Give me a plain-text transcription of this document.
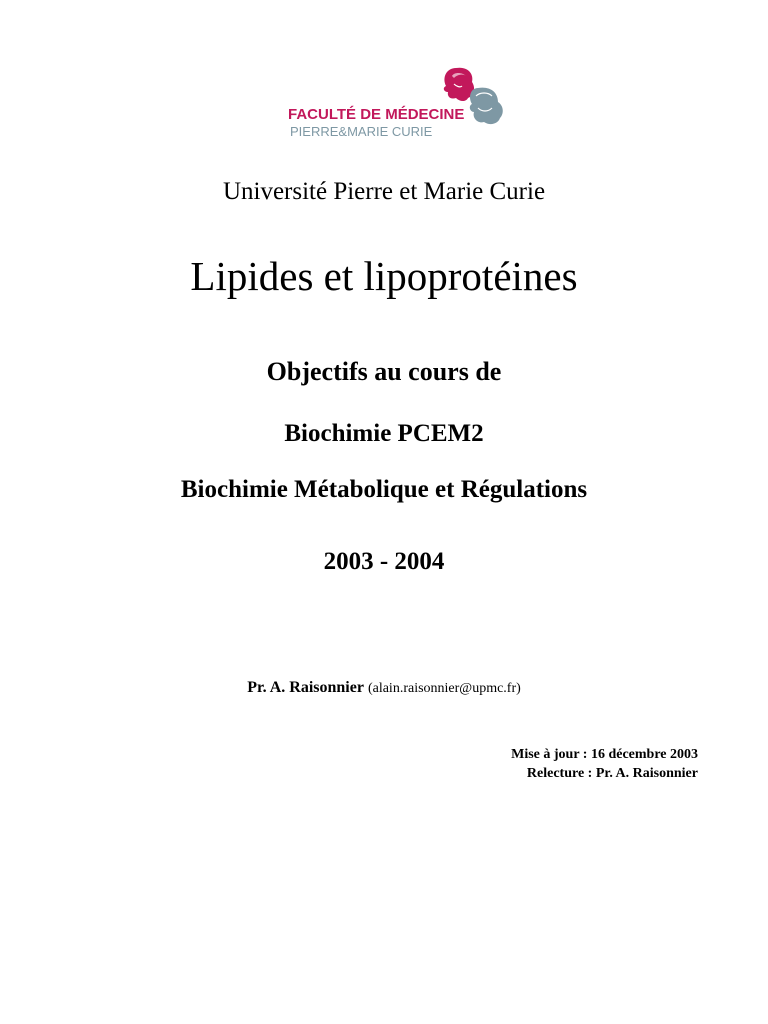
FACULTÉ DE MÉDECINE
PIERRE&MARIE CURIE
Université Pierre et Marie Curie
Lipides et lipoprotéines
Objectifs au cours de
Biochimie PCEM2
Biochimie Métabolique et Régulations
2003 - 2004
Pr. A. Raisonnier (alain.raisonnier@upmc.fr)
Mise à jour : 16 décembre 2003
Relecture : Pr. A. Raisonnier
